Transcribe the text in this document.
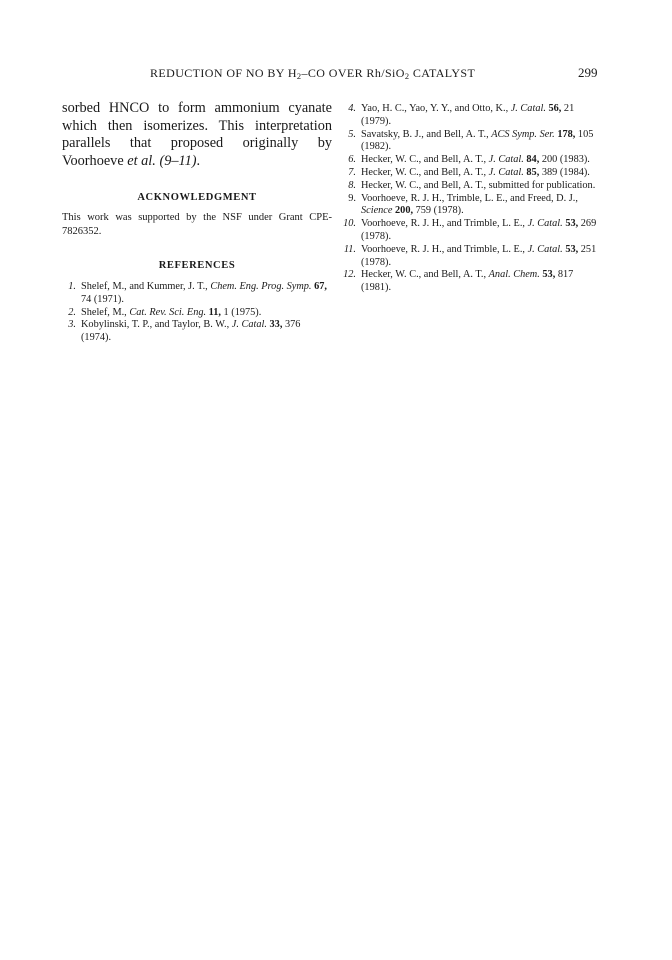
REDUCTION OF NO BY $H_2-CO$ OVER Rh/SiO$_2$ CATALYST	299

sorbed HNCO to form ammonium cyanate which then isomerizes. This interpretation parallels that proposed originally by Voorhoeve et al. (9–11).

ACKNOWLEDGMENT

This work was supported by the NSF under Grant CPE-7826352.

REFERENCES
1. Shelef, M., and Kummer, J. T., Chem. Eng. Prog. Symp. 67, 74 (1971).
2. Shelef, M., Cat. Rev. Sci. Eng. 11, 1 (1975).
3. Kobylinski, T. P., and Taylor, B. W., J. Catal. 33, 376 (1974).
4. Yao, H. C., Yao, Y. Y., and Otto, K., J. Catal. 56, 21 (1979).
5. Savatsky, B. J., and Bell, A. T., ACS Symp. Ser. 178, 105 (1982).
6. Hecker, W. C., and Bell, A. T., J. Catal. 84, 200 (1983).
7. Hecker, W. C., and Bell, A. T., J. Catal. 85, 389 (1984).
8. Hecker, W. C., and Bell, A. T., submitted for publication.
9. Voorhoeve, R. J. H., Trimble, L. E., and Freed, D. J., Science 200, 759 (1978).
10. Voorhoeve, R. J. H., and Trimble, L. E., J. Catal. 53, 269 (1978).
11. Voorhoeve, R. J. H., and Trimble, L. E., J. Catal. 53, 251 (1978).
12. Hecker, W. C., and Bell, A. T., Anal. Chem. 53, 817 (1981).
